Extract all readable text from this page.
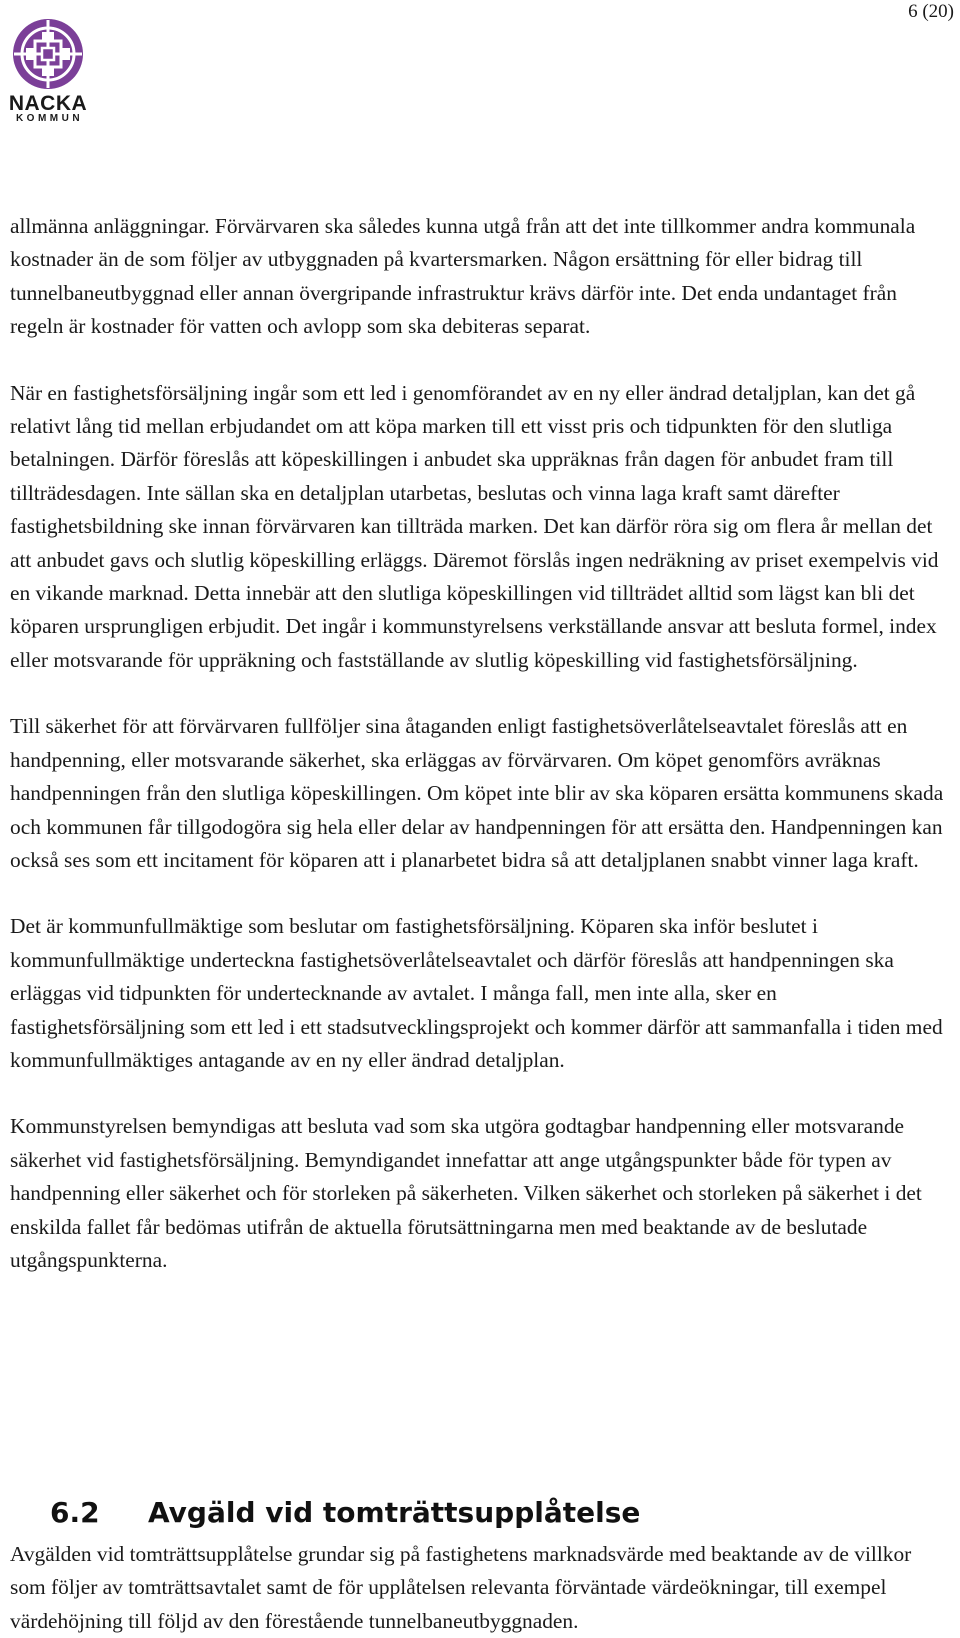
6 (20)
NACKA
KOMMUN

allmänna anläggningar. Förvärvaren ska således kunna utgå från att det inte tillkommer andra kommunala kostnader än de som följer av utbyggnaden på kvartersmarken. Någon ersättning för eller bidrag till tunnelbaneutbyggnad eller annan övergripande infrastruktur krävs därför inte. Det enda undantaget från regeln är kostnader för vatten och avlopp som ska debiteras separat.

När en fastighetsförsäljning ingår som ett led i genomförandet av en ny eller ändrad detaljplan, kan det gå relativt lång tid mellan erbjudandet om att köpa marken till ett visst pris och tidpunkten för den slutliga betalningen. Därför föreslås att köpeskillingen i anbudet ska uppräknas från dagen för anbudet fram till tillträdesdagen. Inte sällan ska en detaljplan utarbetas, beslutas och vinna laga kraft samt därefter fastighetsbildning ske innan förvärvaren kan tillträda marken. Det kan därför röra sig om flera år mellan det att anbudet gavs och slutlig köpeskilling erläggs. Däremot förslås ingen nedräkning av priset exempelvis vid en vikande marknad. Detta innebär att den slutliga köpeskillingen vid tillträdet alltid som lägst kan bli det köparen ursprungligen erbjudit. Det ingår i kommunstyrelsens verkställande ansvar att besluta formel, index eller motsvarande för uppräkning och fastställande av slutlig köpeskilling vid fastighetsförsäljning.

Till säkerhet för att förvärvaren fullföljer sina åtaganden enligt fastighetsöverlåtelseavtalet föreslås att en handpenning, eller motsvarande säkerhet, ska erläggas av förvärvaren. Om köpet genomförs avräknas handpenningen från den slutliga köpeskillingen. Om köpet inte blir av ska köparen ersätta kommunens skada och kommunen får tillgodogöra sig hela eller delar av handpenningen för att ersätta den. Handpenningen kan också ses som ett incitament för köparen att i planarbetet bidra så att detaljplanen snabbt vinner laga kraft.

Det är kommunfullmäktige som beslutar om fastighetsförsäljning. Köparen ska inför beslutet i kommunfullmäktige underteckna fastighetsöverlåtelseavtalet och därför föreslås att handpenningen ska erläggas vid tidpunkten för undertecknande av avtalet. I många fall, men inte alla, sker en fastighetsförsäljning som ett led i ett stadsutvecklingsprojekt och kommer därför att sammanfalla i tiden med kommunfullmäktiges antagande av en ny eller ändrad detaljplan.

Kommunstyrelsen bemyndigas att besluta vad som ska utgöra godtagbar handpenning eller motsvarande säkerhet vid fastighetsförsäljning. Bemyndigandet innefattar att ange utgångspunkter både för typen av handpenning eller säkerhet och för storleken på säkerheten. Vilken säkerhet och storleken på säkerhet i det enskilda fallet får bedömas utifrån de aktuella förutsättningarna men med beaktande av de beslutade utgångspunkterna.

6.2 Avgäld vid tomträttsupplåtelse

Avgälden vid tomträttsupplåtelse grundar sig på fastighetens marknadsvärde med beaktande av de villkor som följer av tomträttsavtalet samt de för upplåtelsen relevanta förväntade värdeökningar, till exempel värdehöjning till följd av den förestående tunnelbaneutbyggnaden.
